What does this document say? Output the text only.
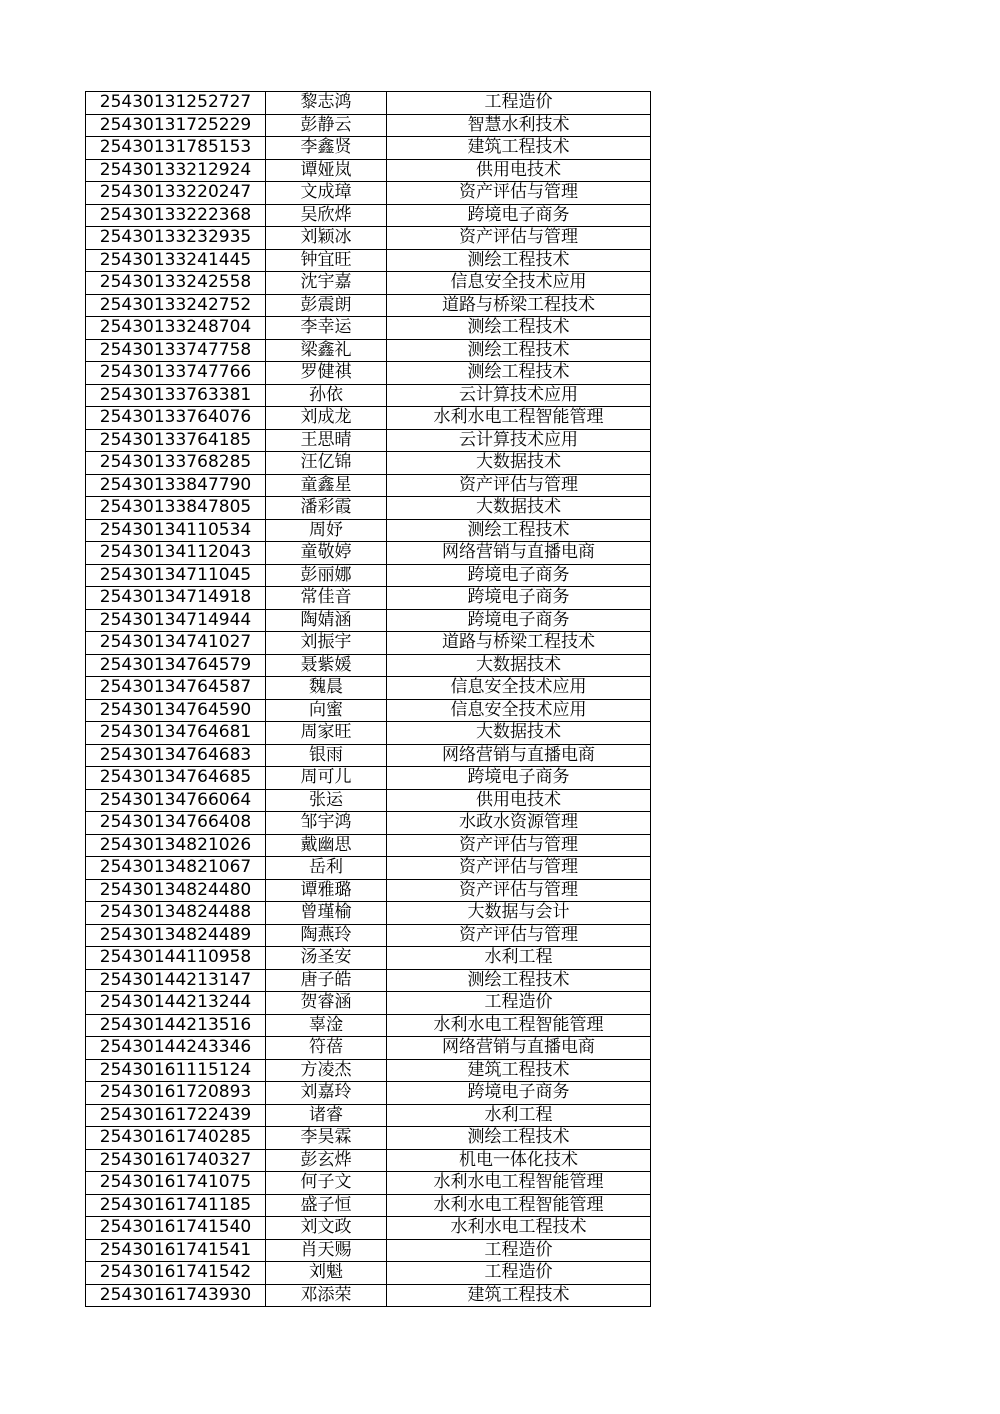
25430131252727	黎志鸿	工程造价
25430131725229	彭静云	智慧水利技术
25430131785153	李鑫贤	建筑工程技术
25430133212924	谭娅岚	供用电技术
25430133220247	文成璋	资产评估与管理
25430133222368	吴欣烨	跨境电子商务
25430133232935	刘颖冰	资产评估与管理
25430133241445	钟宜旺	测绘工程技术
25430133242558	沈宇嘉	信息安全技术应用
25430133242752	彭震朗	道路与桥梁工程技术
25430133248704	李幸运	测绘工程技术
25430133747758	梁鑫礼	测绘工程技术
25430133747766	罗健祺	测绘工程技术
25430133763381	孙依	云计算技术应用
25430133764076	刘成龙	水利水电工程智能管理
25430133764185	王思晴	云计算技术应用
25430133768285	汪亿锦	大数据技术
25430133847790	童鑫星	资产评估与管理
25430133847805	潘彩霞	大数据技术
25430134110534	周妤	测绘工程技术
25430134112043	童敬婷	网络营销与直播电商
25430134711045	彭丽娜	跨境电子商务
25430134714918	常佳音	跨境电子商务
25430134714944	陶婧涵	跨境电子商务
25430134741027	刘振宇	道路与桥梁工程技术
25430134764579	聂紫媛	大数据技术
25430134764587	魏晨	信息安全技术应用
25430134764590	向蜜	信息安全技术应用
25430134764681	周家旺	大数据技术
25430134764683	银雨	网络营销与直播电商
25430134764685	周可儿	跨境电子商务
25430134766064	张运	供用电技术
25430134766408	邹宇鸿	水政水资源管理
25430134821026	戴幽思	资产评估与管理
25430134821067	岳利	资产评估与管理
25430134824480	谭雅璐	资产评估与管理
25430134824488	曾瑾榆	大数据与会计
25430134824489	陶燕玲	资产评估与管理
25430144110958	汤圣安	水利工程
25430144213147	唐子皓	测绘工程技术
25430144213244	贺睿涵	工程造价
25430144213516	辜淦	水利水电工程智能管理
25430144243346	符蓓	网络营销与直播电商
25430161115124	方凌杰	建筑工程技术
25430161720893	刘嘉玲	跨境电子商务
25430161722439	诸睿	水利工程
25430161740285	李昊霖	测绘工程技术
25430161740327	彭玄烨	机电一体化技术
25430161741075	何子文	水利水电工程智能管理
25430161741185	盛子恒	水利水电工程智能管理
25430161741540	刘文政	水利水电工程技术
25430161741541	肖天赐	工程造价
25430161741542	刘魁	工程造价
25430161743930	邓添荣	建筑工程技术
